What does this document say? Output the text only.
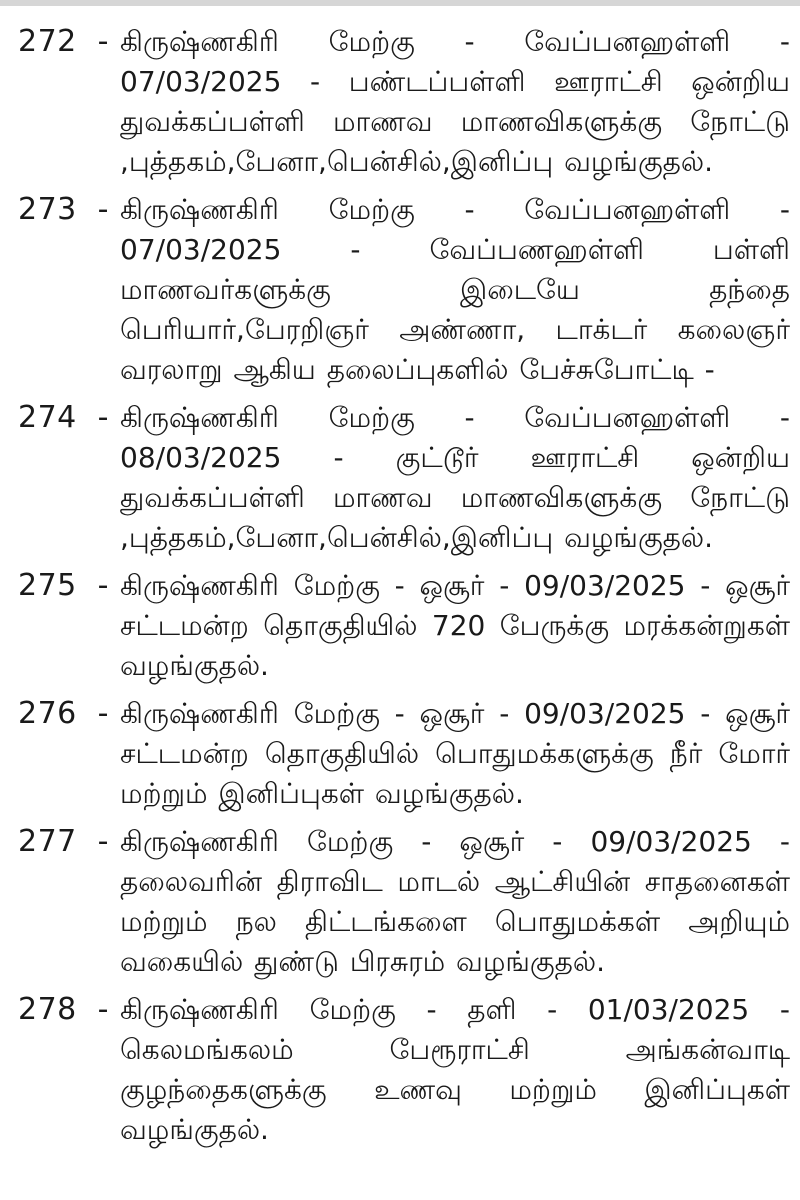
272 - கிருஷ்ணகிரி மேற்கு - வேப்பனஹள்ளி - 07/03/2025 - பண்டப்பள்ளி ஊராட்சி ஒன்றிய துவக்கப்பள்ளி மாணவ மாணவிகளுக்கு நோட்டு ,புத்தகம்,பேனா,பென்சில்,இனிப்பு வழங்குதல்.
273 - கிருஷ்ணகிரி மேற்கு - வேப்பனஹள்ளி - 07/03/2025 - வேப்பணஹள்ளி பள்ளி மாணவர்களுக்கு இடையே தந்தை பெரியார்,பேரறிஞர் அண்ணா, டாக்டர் கலைஞர் வரலாறு ஆகிய தலைப்புகளில் பேச்சுபோட்டி -
274 - கிருஷ்ணகிரி மேற்கு - வேப்பனஹள்ளி - 08/03/2025 - குட்டூர் ஊராட்சி ஒன்றிய துவக்கப்பள்ளி மாணவ மாணவிகளுக்கு நோட்டு ,புத்தகம்,பேனா,பென்சில்,இனிப்பு வழங்குதல்.
275 - கிருஷ்ணகிரி மேற்கு - ஒசூர் - 09/03/2025 - ஒசூர் சட்டமன்ற தொகுதியில் 720 பேருக்கு மரக்கன்றுகள் வழங்குதல்.
276 - கிருஷ்ணகிரி மேற்கு - ஒசூர் - 09/03/2025 - ஒசூர் சட்டமன்ற தொகுதியில் பொதுமக்களுக்கு நீர் மோர் மற்றும் இனிப்புகள் வழங்குதல்.
277 - கிருஷ்ணகிரி மேற்கு - ஒசூர் - 09/03/2025 - தலைவரின் திராவிட மாடல் ஆட்சியின் சாதனைகள் மற்றும் நல திட்டங்களை பொதுமக்கள் அறியும் வகையில் துண்டு பிரசுரம் வழங்குதல்.
278 - கிருஷ்ணகிரி மேற்கு - தளி - 01/03/2025 - கெலமங்கலம் பேரூராட்சி அங்கன்வாடி குழந்தைகளுக்கு உணவு மற்றும் இனிப்புகள் வழங்குதல்.
